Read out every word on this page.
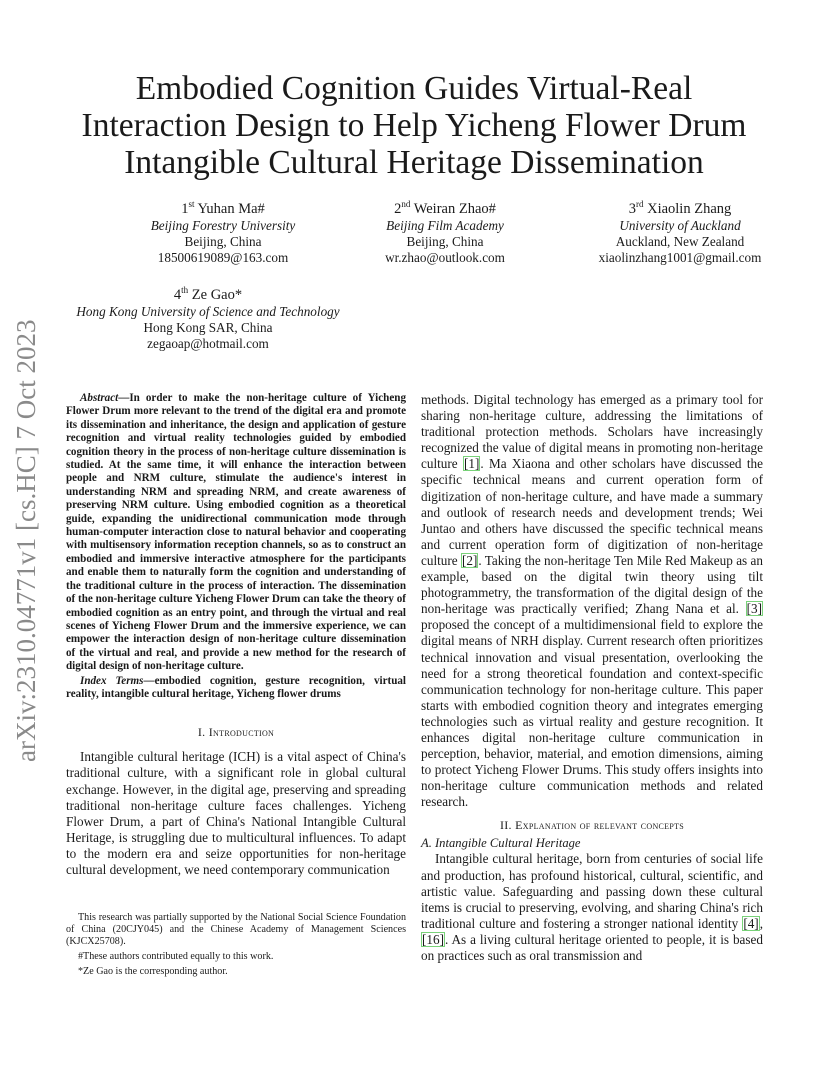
arXiv:2310.04771v1 [cs.HC] 7 Oct 2023
Embodied Cognition Guides Virtual-Real
Interaction Design to Help Yicheng Flower Drum
Intangible Cultural Heritage Dissemination
1st Yuhan Ma#
Beijing Forestry University
Beijing, China
18500619089@163.com
2nd Weiran Zhao#
Beijing Film Academy
Beijing, China
wr.zhao@outlook.com
3rd Xiaolin Zhang
University of Auckland
Auckland, New Zealand
xiaolinzhang1001@gmail.com
4th Ze Gao*
Hong Kong University of Science and Technology
Hong Kong SAR, China
zegaoap@hotmail.com
Abstract—In order to make the non-heritage culture of Yicheng Flower Drum more relevant to the trend of the digital era and promote its dissemination and inheritance, the design and application of gesture recognition and virtual reality technologies guided by embodied cognition theory in the process of non-heritage culture dissemination is studied. At the same time, it will enhance the interaction between people and NRM culture, stimulate the audience's interest in understanding NRM and spreading NRM, and create awareness of preserving NRM culture. Using embodied cognition as a theoretical guide, expanding the unidirectional communication mode through human-computer interaction close to natural behavior and cooperating with multisensory information reception channels, so as to construct an embodied and immersive interactive atmosphere for the participants and enable them to naturally form the cognition and understanding of the traditional culture in the process of interaction. The dissemination of the non-heritage culture Yicheng Flower Drum can take the theory of embodied cognition as an entry point, and through the virtual and real scenes of Yicheng Flower Drum and the immersive experience, we can empower the interaction design of non-heritage culture dissemination of the virtual and real, and provide a new method for the research of digital design of non-heritage culture.
Index Terms—embodied cognition, gesture recognition, virtual reality, intangible cultural heritage, Yicheng flower drums
I. Introduction
Intangible cultural heritage (ICH) is a vital aspect of China's traditional culture, with a significant role in global cultural exchange. However, in the digital age, preserving and spreading traditional non-heritage culture faces challenges. Yicheng Flower Drum, a part of China's National Intangible Cultural Heritage, is struggling due to multicultural influences. To adapt to the modern era and seize opportunities for non-heritage cultural development, we need contemporary communication

This research was partially supported by the National Social Science Foundation of China (20CJY045) and the Chinese Academy of Management Sciences (KJCX25708).

#These authors contributed equally to this work.

*Ze Gao is the corresponding author.

methods. Digital technology has emerged as a primary tool for sharing non-heritage culture, addressing the limitations of traditional protection methods. Scholars have increasingly recognized the value of digital means in promoting non-heritage culture [1]. Ma Xiaona and other scholars have discussed the specific technical means and current operation form of digitization of non-heritage culture, and have made a summary and outlook of research needs and development trends; Wei Juntao and others have discussed the specific technical means and current operation form of digitization of non-heritage culture [2]. Taking the non-heritage Ten Mile Red Makeup as an example, based on the digital twin theory using tilt photogrammetry, the transformation of the digital design of the non-heritage was practically verified; Zhang Nana et al. [3] proposed the concept of a multidimensional field to explore the digital means of NRH display. Current research often prioritizes technical innovation and visual presentation, overlooking the need for a strong theoretical foundation and context-specific communication technology for non-heritage culture. This paper starts with embodied cognition theory and integrates emerging technologies such as virtual reality and gesture recognition. It enhances digital non-heritage culture communication in perception, behavior, material, and emotion dimensions, aiming to protect Yicheng Flower Drums. This study offers insights into non-heritage culture communication methods and related research.
II. Explanation of relevant concepts
A. Intangible Cultural Heritage
Intangible cultural heritage, born from centuries of social life and production, has profound historical, cultural, scientific, and artistic value. Safeguarding and passing down these cultural items is crucial to preserving, evolving, and sharing China's rich traditional culture and fostering a stronger national identity [4], [16]. As a living cultural heritage oriented to people, it is based on practices such as oral transmission and
